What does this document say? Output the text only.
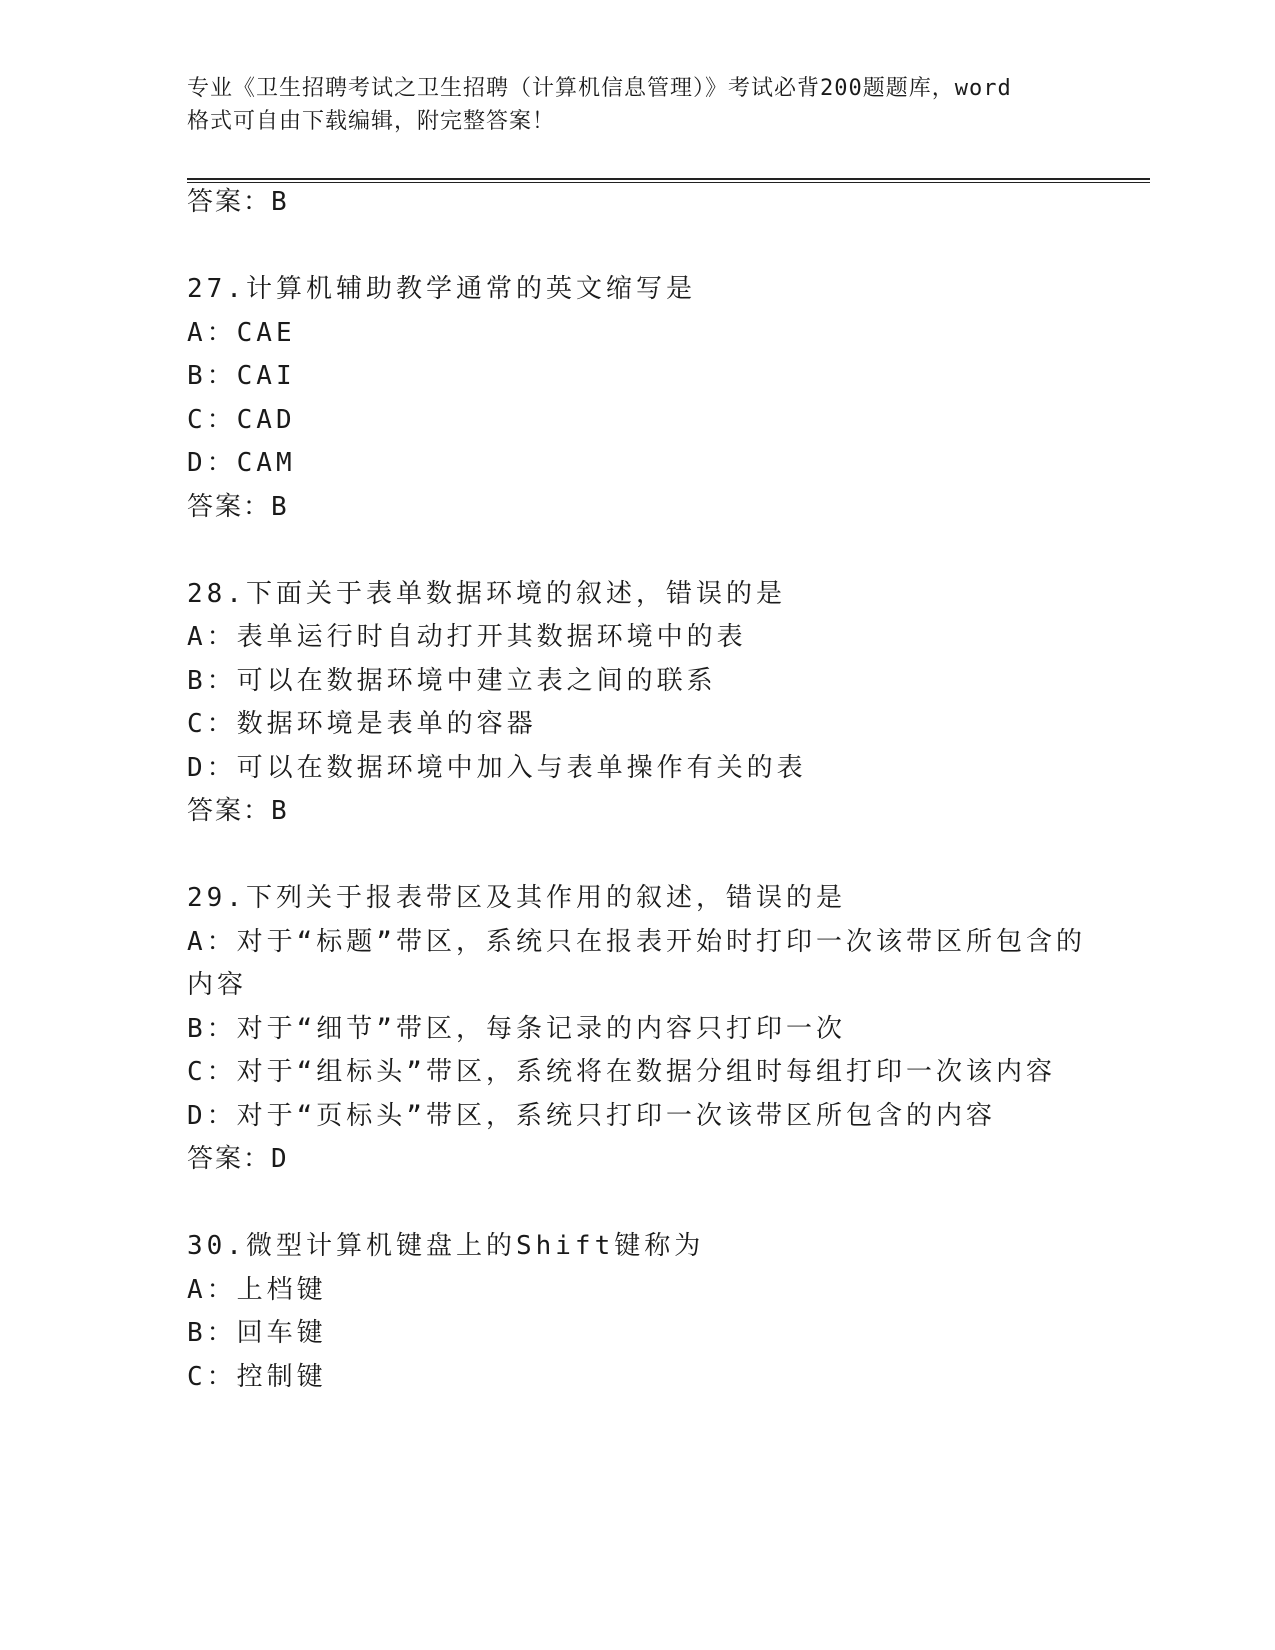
专业《卫生招聘考试之卫生招聘（计算机信息管理）》考试必背200题题库，word
格式可自由下载编辑，附完整答案！
答案：B
27.计算机辅助教学通常的英文缩写是
A：CAE
B：CAI
C：CAD
D：CAM
答案：B
28.下面关于表单数据环境的叙述，错误的是
A：表单运行时自动打开其数据环境中的表
B：可以在数据环境中建立表之间的联系
C：数据环境是表单的容器
D：可以在数据环境中加入与表单操作有关的表
答案：B
29.下列关于报表带区及其作用的叙述，错误的是
A：对于“标题”带区，系统只在报表开始时打印一次该带区所包含的
内容
B：对于“细节”带区，每条记录的内容只打印一次
C：对于“组标头”带区，系统将在数据分组时每组打印一次该内容
D：对于“页标头”带区，系统只打印一次该带区所包含的内容
答案：D
30.微型计算机键盘上的Shift键称为
A：上档键
B：回车键
C：控制键
